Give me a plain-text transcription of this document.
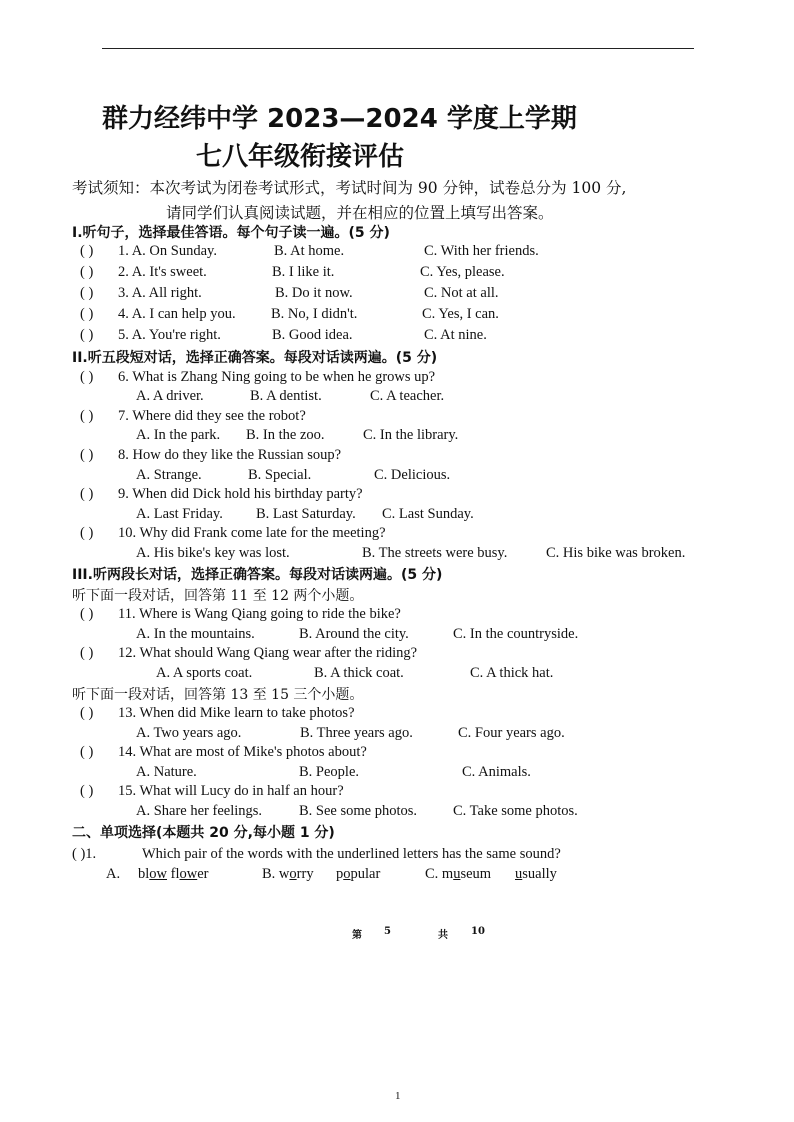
群力经纬中学 2023—2024 学度上学期
七八年级衔接评估
考试须知：本次考试为闭卷考试形式，考试时间为 90 分钟，试卷总分为 100 分,
请同学们认真阅读试题，并在相应的位置上填写出答案。
I.听句子，选择最佳答语。每个句子读一遍。(5 分)
( ) 1. A. On Sunday.	B. At home.	C. With her friends.
( ) 2. A. It's sweet.	B. I like it.	C. Yes, please.
( ) 3. A. All right.	B. Do it now.	C. Not at all.
( ) 4. A. I can help you. B. No, I didn't.	C. Yes, I can.
( ) 5. A. You're right.	B. Good idea.	C. At nine.
II.听五段短对话，选择正确答案。每段对话读两遍。(5 分)
( ) 6. What is Zhang Ning going to be when he grows up?
A. A driver.	B. A dentist.	C. A teacher.
( ) 7. Where did they see the robot?
A. In the park. B. In the zoo.	C. In the library.
( ) 8. How do they like the Russian soup?
A. Strange.	B. Special.	C. Delicious.
( ) 9. When did Dick hold his birthday party?
A. Last Friday. B. Last Saturday. C. Last Sunday.
( ) 10. Why did Frank come late for the meeting?
A. His bike's key was lost.	B. The streets were busy.	C. His bike was broken.
III.听两段长对话，选择正确答案。每段对话读两遍。(5 分)
听下面一段对话，回答第 11 至 12 两个小题。
( ) 11. Where is Wang Qiang going to ride the bike?
A. In the mountains.	B. Around the city.	C. In the countryside.
( ) 12. What should Wang Qiang wear after the riding?
A. A sports coat.	B. A thick coat.	C. A thick hat.
听下面一段对话，回答第 13 至 15 三个小题。
( ) 13. When did Mike learn to take photos?
A. Two years ago.	B. Three years ago.	C. Four years ago.
( ) 14. What are most of Mike's photos about?
A. Nature.	B. People.	C. Animals.
( ) 15. What will Lucy do in half an hour?
A. Share her feelings.	B. See some photos. C. Take some photos.
二、单项选择(本题共 20 分,每小题 1 分)
( )1.	Which pair of the words with the underlined letters has the same sound?
A. blow flower	B. worry popular	C. museum usually
第 5	共 10
1
